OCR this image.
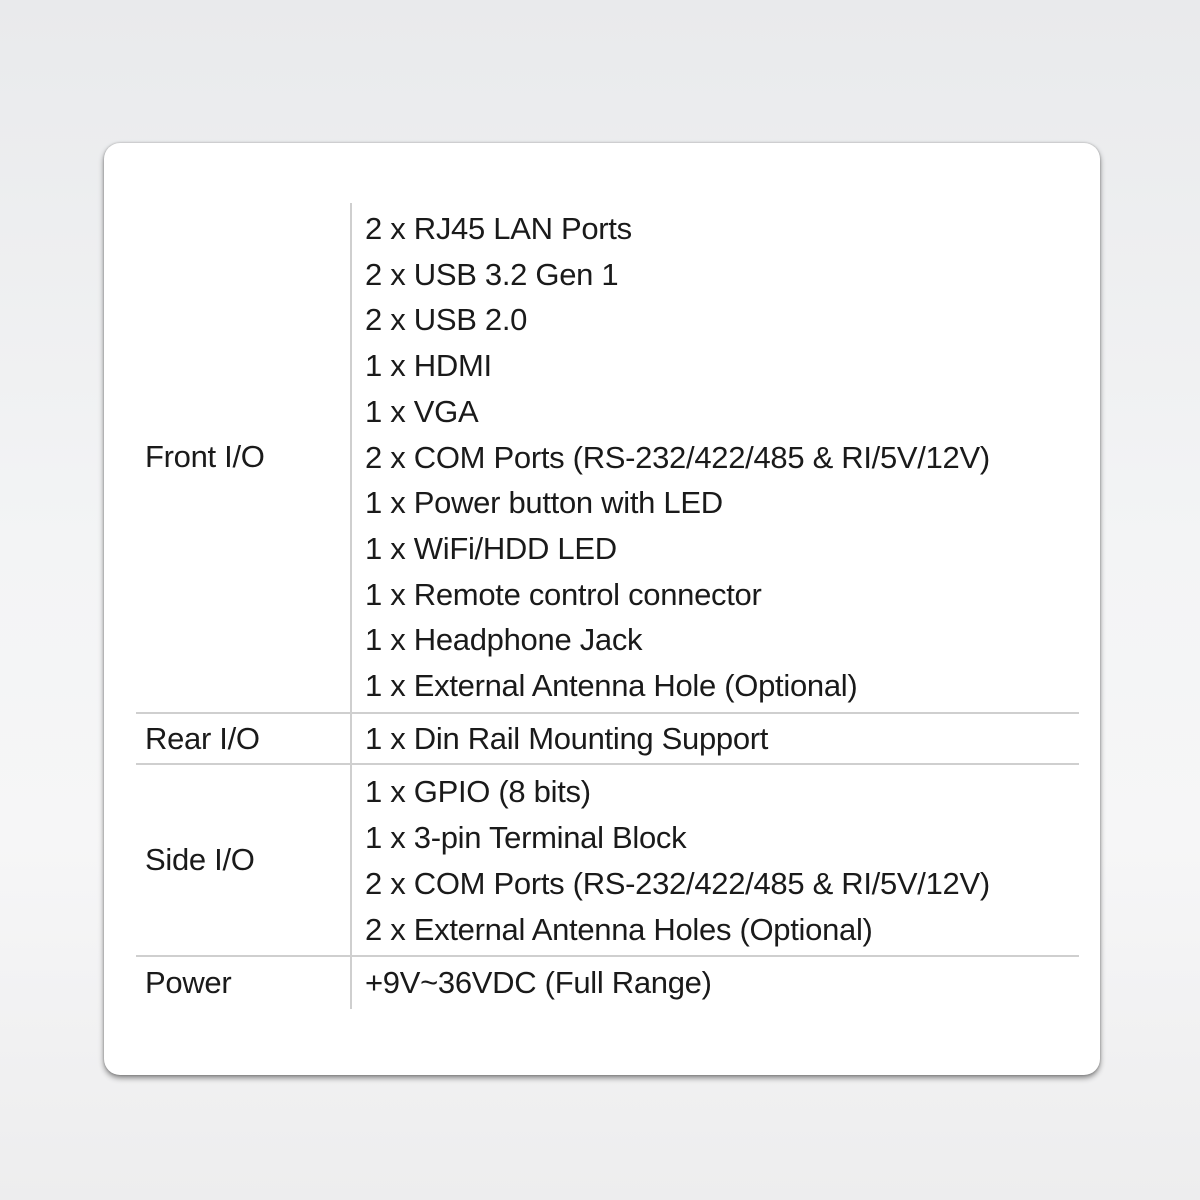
Front I/O
2 x RJ45 LAN Ports
2 x USB 3.2 Gen 1
2 x USB 2.0
1 x HDMI
1 x VGA
2 x COM Ports (RS-232/422/485 & RI/5V/12V)
1 x Power button with LED
1 x WiFi/HDD LED
1 x Remote control connector
1 x Headphone Jack
1 x External Antenna Hole (Optional)
Rear I/O	1 x Din Rail Mounting Support
Side I/O
1 x GPIO (8 bits)
1 x 3-pin Terminal Block
2 x COM Ports (RS-232/422/485 & RI/5V/12V)
2 x External Antenna Holes (Optional)
Power	+9V~36VDC (Full Range)
